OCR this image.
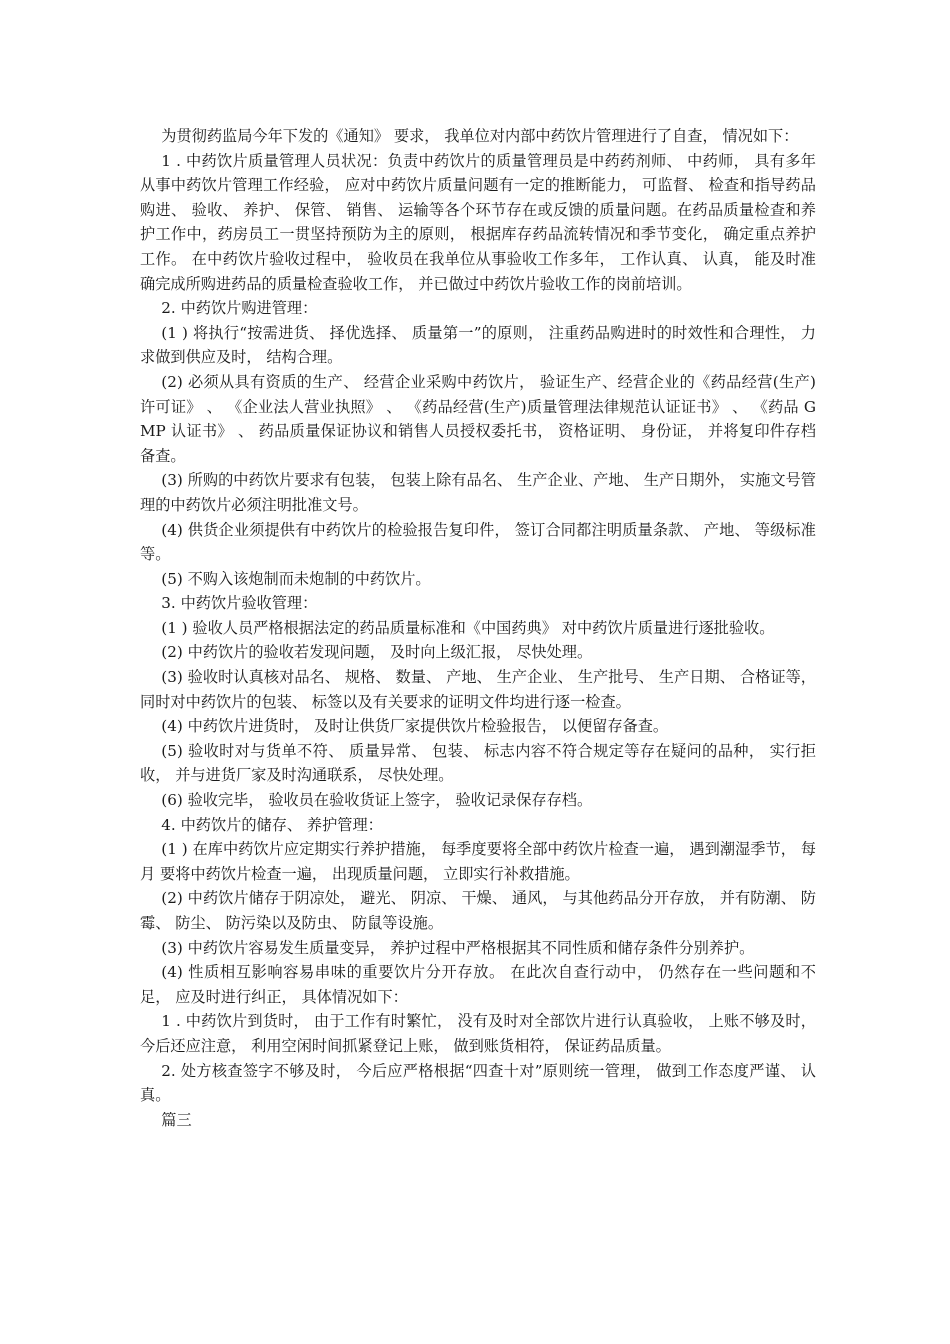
为贯彻药监局今年下发的《通知》 要求， 我单位对内部中药饮片管理进行了自查， 情况如下：

1 . 中药饮片质量管理人员状况：负责中药饮片的质量管理员是中药药剂师、 中药师， 具有多年从事中药饮片管理工作经验， 应对中药饮片质量问题有一定的推断能力， 可监督、 检查和指导药品购进、 验收、 养护、 保管、 销售、 运输等各个环节存在或反馈的质量问题。在药品质量检查和养护工作中，药房员工一贯坚持预防为主的原则， 根据库存药品流转情况和季节变化， 确定重点养护工作。 在中药饮片验收过程中， 验收员在我单位从事验收工作多年， 工作认真、 认真， 能及时准确完成所购进药品的质量检查验收工作， 并已做过中药饮片验收工作的岗前培训。

2. 中药饮片购进管理：

(1 ) 将执行“按需进货、 择优选择、 质量第一”的原则， 注重药品购进时的时效性和合理性， 力求做到供应及时， 结构合理。

(2) 必须从具有资质的生产、 经营企业采购中药饮片， 验证生产、经营企业的《药品经营(生产)许可证》 、 《企业法人营业执照》 、 《药品经营(生产)质量管理法律规范认证证书》 、 《药品 GMP 认证书》 、 药品质量保证协议和销售人员授权委托书， 资格证明、 身份证， 并将复印件存档备查。

(3) 所购的中药饮片要求有包装， 包装上除有品名、 生产企业、产地、 生产日期外， 实施文号管理的中药饮片必须注明批准文号。

(4) 供货企业须提供有中药饮片的检验报告复印件， 签订合同都注明质量条款、 产地、 等级标准等。

(5) 不购入该炮制而未炮制的中药饮片。

3. 中药饮片验收管理：

(1 ) 验收人员严格根据法定的药品质量标准和《中国药典》 对中药饮片质量进行逐批验收。

(2) 中药饮片的验收若发现问题， 及时向上级汇报， 尽快处理。

(3) 验收时认真核对品名、 规格、 数量、 产地、 生产企业、 生产批号、 生产日期、 合格证等， 同时对中药饮片的包装、 标签以及有关要求的证明文件均进行逐一检查。

(4) 中药饮片进货时， 及时让供货厂家提供饮片检验报告， 以便留存备查。

(5) 验收时对与货单不符、 质量异常、 包装、 标志内容不符合规定等存在疑问的品种， 实行拒收， 并与进货厂家及时沟通联系， 尽快处理。

(6) 验收完毕， 验收员在验收货证上签字， 验收记录保存存档。

4. 中药饮片的储存、 养护管理：

(1 ) 在库中药饮片应定期实行养护措施， 每季度要将全部中药饮片检查一遍， 遇到潮湿季节， 每月 要将中药饮片检查一遍， 出现质量问题， 立即实行补救措施。

(2) 中药饮片储存于阴凉处， 避光、 阴凉、 干燥、 通风， 与其他药品分开存放， 并有防潮、 防霉、 防尘、 防污染以及防虫、 防鼠等设施。

(3) 中药饮片容易发生质量变异， 养护过程中严格根据其不同性质和储存条件分别养护。

(4) 性质相互影响容易串味的重要饮片分开存放。 在此次自查行动中， 仍然存在一些问题和不足， 应及时进行纠正， 具体情况如下：

1 . 中药饮片到货时， 由于工作有时繁忙， 没有及时对全部饮片进行认真验收， 上账不够及时， 今后还应注意， 利用空闲时间抓紧登记上账， 做到账货相符， 保证药品质量。

2. 处方核查签字不够及时， 今后应严格根据“四查十对”原则统一管理， 做到工作态度严谨、 认真。

篇三
